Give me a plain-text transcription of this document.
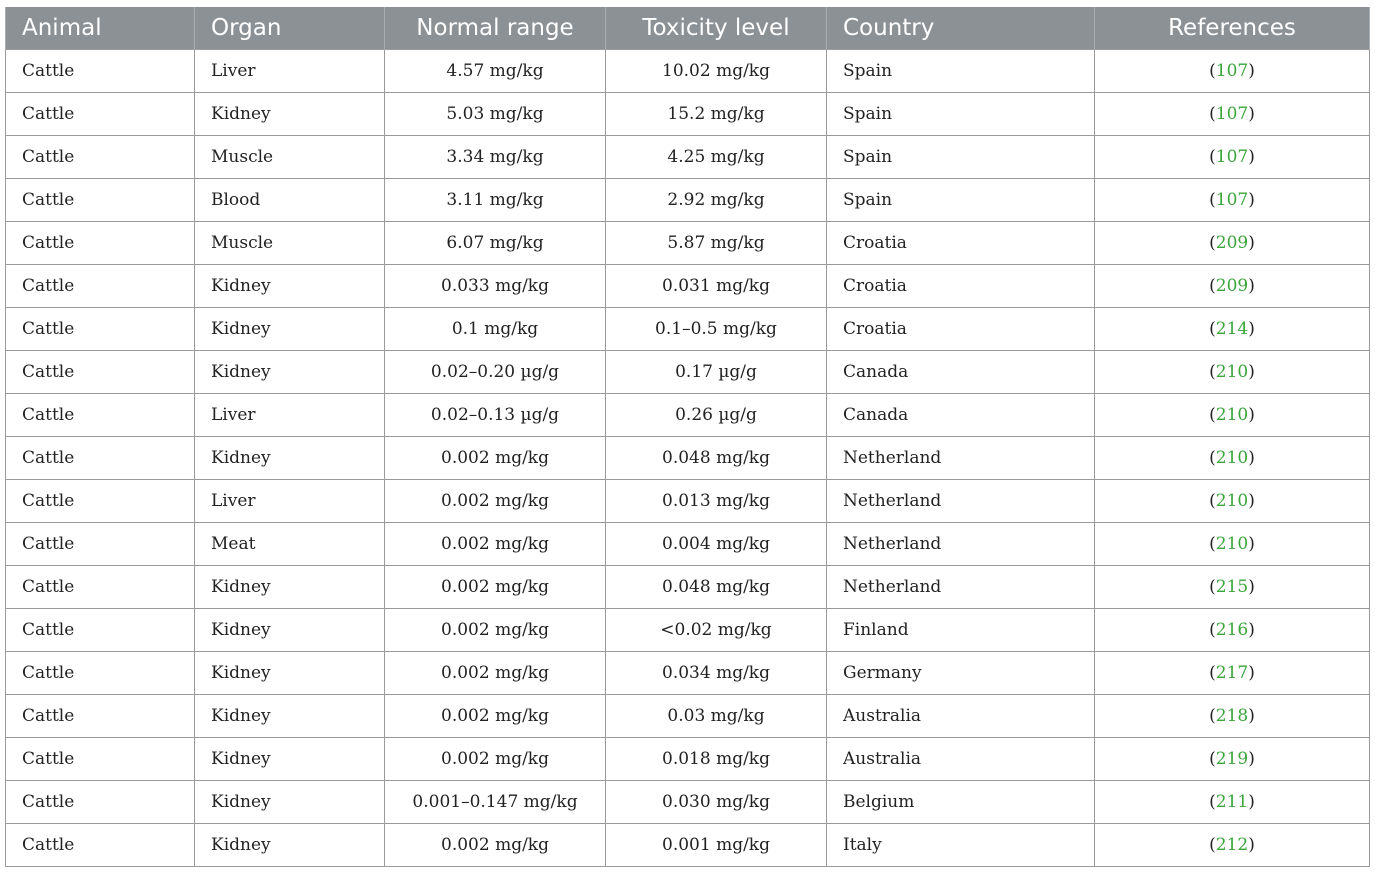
Animal	Organ	Normal range	Toxicity level	Country	References
Cattle	Liver	4.57 mg/kg	10.02 mg/kg	Spain	(107)
Cattle	Kidney	5.03 mg/kg	15.2 mg/kg	Spain	(107)
Cattle	Muscle	3.34 mg/kg	4.25 mg/kg	Spain	(107)
Cattle	Blood	3.11 mg/kg	2.92 mg/kg	Spain	(107)
Cattle	Muscle	6.07 mg/kg	5.87 mg/kg	Croatia	(209)
Cattle	Kidney	0.033 mg/kg	0.031 mg/kg	Croatia	(209)
Cattle	Kidney	0.1 mg/kg	0.1–0.5 mg/kg	Croatia	(214)
Cattle	Kidney	0.02–0.20 µg/g	0.17 µg/g	Canada	(210)
Cattle	Liver	0.02–0.13 µg/g	0.26 µg/g	Canada	(210)
Cattle	Kidney	0.002 mg/kg	0.048 mg/kg	Netherland	(210)
Cattle	Liver	0.002 mg/kg	0.013 mg/kg	Netherland	(210)
Cattle	Meat	0.002 mg/kg	0.004 mg/kg	Netherland	(210)
Cattle	Kidney	0.002 mg/kg	0.048 mg/kg	Netherland	(215)
Cattle	Kidney	0.002 mg/kg	<0.02 mg/kg	Finland	(216)
Cattle	Kidney	0.002 mg/kg	0.034 mg/kg	Germany	(217)
Cattle	Kidney	0.002 mg/kg	0.03 mg/kg	Australia	(218)
Cattle	Kidney	0.002 mg/kg	0.018 mg/kg	Australia	(219)
Cattle	Kidney	0.001–0.147 mg/kg	0.030 mg/kg	Belgium	(211)
Cattle	Kidney	0.002 mg/kg	0.001 mg/kg	Italy	(212)
